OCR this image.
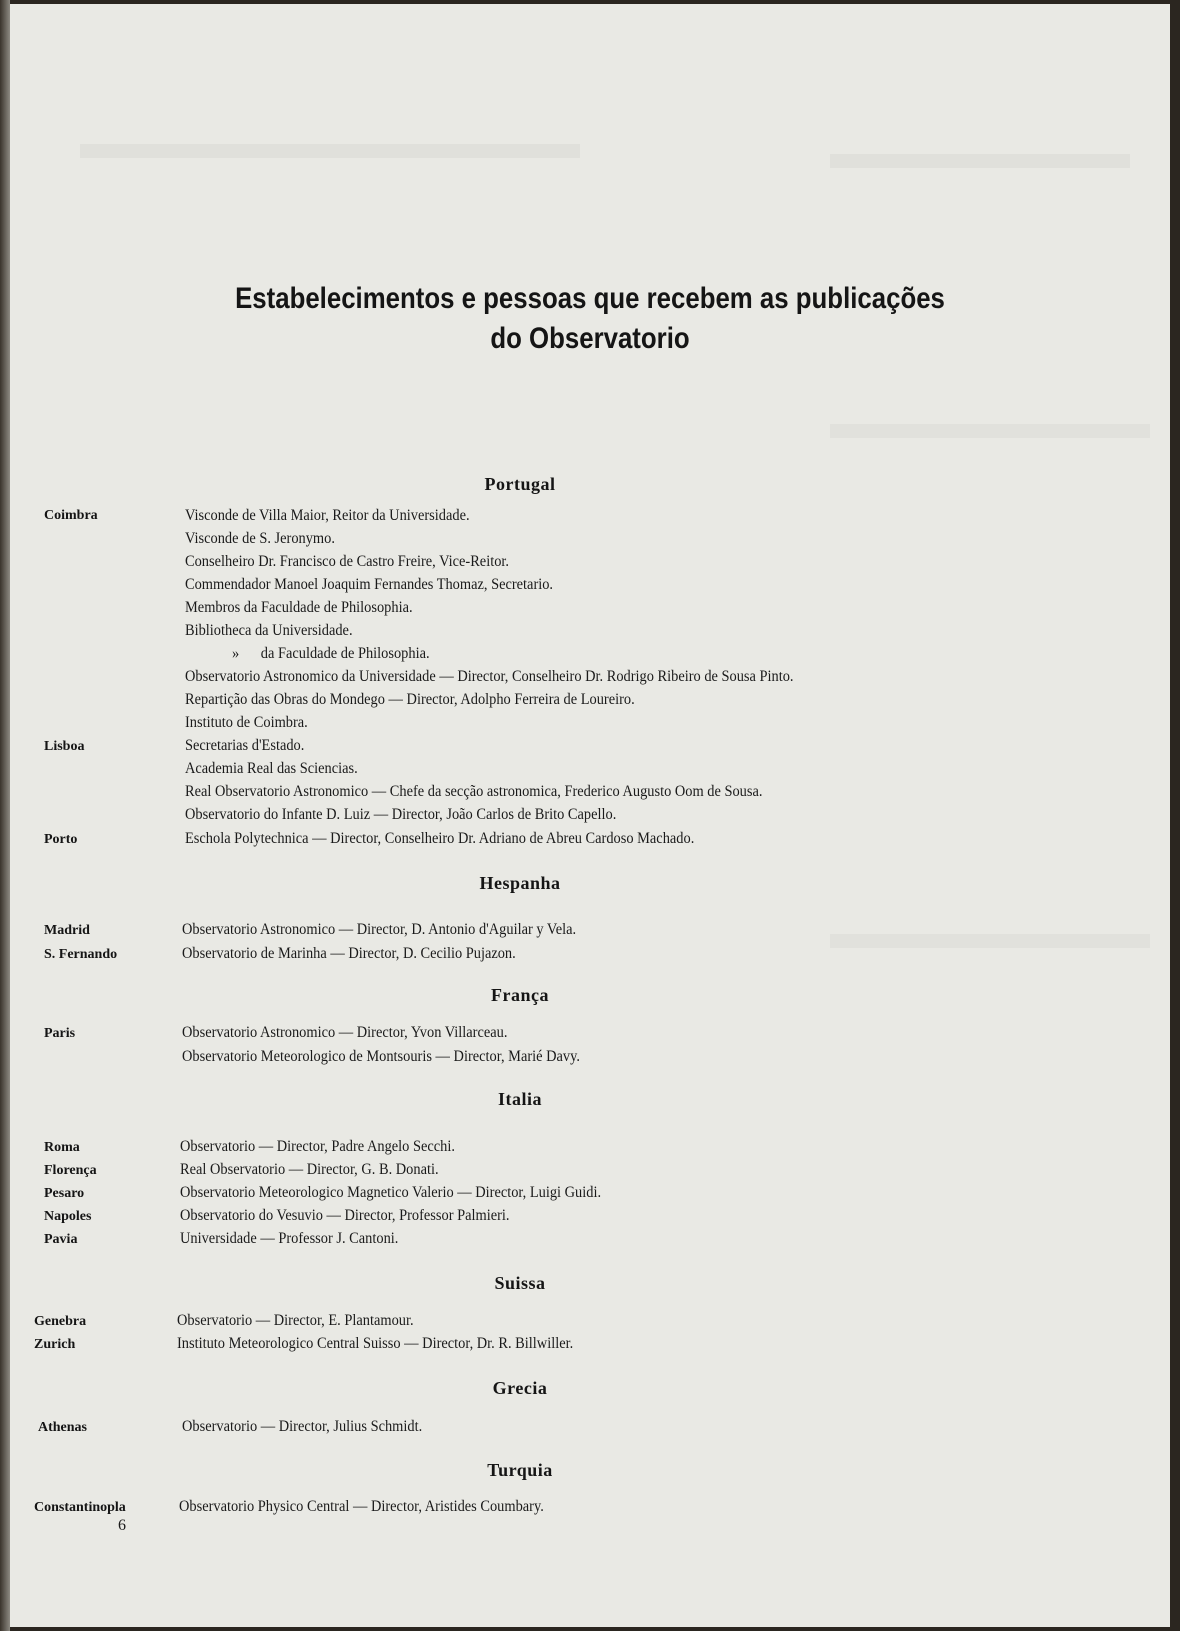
Estabelecimentos e pessoas que recebem as publicações
do Observatorio
Portugal
Coimbra	Visconde de Villa Maior, Reitor da Universidade.
Visconde de S. Jeronymo.
Conselheiro Dr. Francisco de Castro Freire, Vice-Reitor.
Commendador Manoel Joaquim Fernandes Thomaz, Secretario.
Membros da Faculdade de Philosophia.
Bibliotheca da Universidade.
»      da Faculdade de Philosophia.
Observatorio Astronomico da Universidade — Director, Conselheiro Dr. Rodrigo Ribeiro de Sousa Pinto.
Repartição das Obras do Mondego — Director, Adolpho Ferreira de Loureiro.
Instituto de Coimbra.
Lisboa	Secretarias d'Estado.
Academia Real das Sciencias.
Real Observatorio Astronomico — Chefe da secção astronomica, Frederico Augusto Oom de Sousa.
Observatorio do Infante D. Luiz — Director, João Carlos de Brito Capello.
Porto	Eschola Polytechnica — Director, Conselheiro Dr. Adriano de Abreu Cardoso Machado.
Hespanha
Madrid	Observatorio Astronomico — Director, D. Antonio d'Aguilar y Vela.
S. Fernando	Observatorio de Marinha — Director, D. Cecilio Pujazon.
França
Paris	Observatorio Astronomico — Director, Yvon Villarceau.
Observatorio Meteorologico de Montsouris — Director, Marié Davy.
Italia
Roma	Observatorio — Director, Padre Angelo Secchi.
Florença	Real Observatorio — Director, G. B. Donati.
Pesaro	Observatorio Meteorologico Magnetico Valerio — Director, Luigi Guidi.
Napoles	Observatorio do Vesuvio — Director, Professor Palmieri.
Pavia	Universidade — Professor J. Cantoni.
Suissa
Genebra	Observatorio — Director, E. Plantamour.
Zurich	Instituto Meteorologico Central Suisso — Director, Dr. R. Billwiller.
Grecia
Athenas	Observatorio — Director, Julius Schmidt.
Turquia
Constantinopla	Observatorio Physico Central — Director, Aristides Coumbary.
6
